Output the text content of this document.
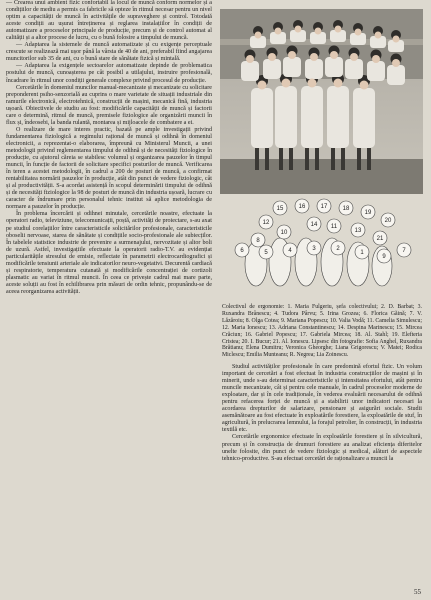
— Crearea unui ambient fizic confortabil la locul de muncă conform normelor și a condițiilor de mediu a permis ca fabricile să opteze în ritmul necesar pentru un nivel optim a capacității de muncă în activitățile de supraveghere și control. Totodată aceste condiții au ușurat întreținerea și reglarea instalațiilor în condiții de automatizare a proceselor principale de producție, precum și de control automat al calității și a altor procese de lucru, cu o bună folosire a timpului de muncă.

— Adaptarea la sistemele de muncă automatizate și cu exigențe perceptuale crescute se realizează mai ușor până la vârsta de 40 de ani, preferabil fiind angajarea muncitorilor sub 35 de ani, cu o bună stare de sănătate fizică și mintală.

— Adaptarea la exigențele sectoarelor automatizate depinde de problematica postului de muncă, cunoașterea pe cât posibil a utilajului, instruire profesională, încadrare în ritmul unor condiții generale complexe privind procesul de producție.

Cercetările în domeniul muncilor manual-mecanizate și mecanizate cu solicitare preponderent psiho-senzorială au cuprins o mare varietate de situații industriale din ramurile electronică, electrotehnică, construcții de mașini, mecanică fină, industria ușoară. Obiectivele de studiu au fost: modificările capacității de muncă și factorii care o determină, ritmul de muncă, premisele fiziologice ale organizării muncii în flux și, îndeosebi, la banda rulantă, montarea și mijloacele de combatere a ei.

O realizare de mare interes practic, bazată pe ample investigații privind fundamentarea fiziologică a regimului rațional de muncă și odihnă în domeniul electronicii, a reprezentat-o elaborarea, împreună cu Ministerul Muncii, a unei metodologii privind reglementarea timpului de odihnă și de necesități fiziologice în producție, cu ajutorul căreia se stabilesc volumul și organizarea pauzelor în timpul muncii, în funcție de factorii de solicitare specifici posturilor de muncă. Verificarea în teren a acestei metodologii, în cadrul a 200 de posturi de muncă, a confirmat rentabilitatea normării pauzelor în producție, atât din punct de vedere fiziologic, cât și al productivității. S-a acordat asistență în scopul determinării timpului de odihnă și de necesități fiziologice la 98 de posturi de muncă din industria ușoară, lucrare cu caracter de îndrumare prin personalul tehnic institut să aplice metodologia de normare a pauzelor în producție.

În problema încercării și odihnei minutale, cercetările noastre, efectuate la operatori radio, televiziune, telecomunicații, poștă, activități de proiectare, s-au axat pe studiul corelațiilor între caracteristicile solicitărilor profesionale, caracteristicile oboselii nervoase, starea de sănătate și condițiile socio-profesionale ale subiecților. În tabelele statistice industrie de prevenire a surmenajului, nervozitate și altor boli de uzură. Astfel, investigațiile efectuate la operatorii radio-T.V. au evidențiat particularitățile stresului de emisie, reflectate în parametrii electrocardiografici și modificările tensiunii arteriale ale indicatorilor neuro-vegetativi. Decurentă cardiacă și respiratorie, temperatura cutanată și modificările concentrației de cortizoli plasmatic au variat în ritmul muncii. În ceea ce privește cadrul mai mare parte, aceste soluții au fost în echilibrarea prin măsuri de ordin tehnic, propunându-se de aceea reorganizarea activității.

15	16	17	18
19
20
12	14
8
10
11
13
21
6	5	4	3	2
1
9
7
Colectivul de ergonomie: 1. Maria Fulgeriu, șefa colectivului; 2. D. Barbat; 3. Ruxandra Brânescu; 4. Tudora Pârvu; 5. Irina Grozea; 6. Florica Găină; 7. V. Lăzăroiu; 8. Olga Cotea; 9. Mariana Popescu; 10. Valia Vodă; 11. Camelia Simulescu; 12. Maria Ionescu; 13. Adriana Constantinescu; 14. Despina Marinescu; 15. Mircea Crăciun; 16. Gabriel Popescu; 17. Gabriela Mircea; 18. Al. Stahl; 19. Elefteria Cristea; 20. I. Bucur; 21. Al. Ionescu. Lipsesc din fotografie: Sofia Anghel, Ruxandra Brătianu; Elena Dumitru; Veronica Gheorghe; Liana Grigorescu; V. Matei; Rodica Miclescu; Emilia Munteanu; R. Negrea; Lia Zoinescu.

Studiul activităților profesionale în care predomină efortul fizic. Un volum important de cercetări a fost efectuat în industria construcțiilor de mașini și în minerit, unde s-au determinat caracteristicile și intensitatea efortului, atât pentru muncile mecanizate, cât și pentru cele manuale, în cadrul proceselor moderne de exploatare, dar și în cele tradiționale, în vederea evaluării necesarului de odihnă pentru refacerea forței de muncă și a stabilirii unor indicatori necesari la acordarea drepturilor de salarizare, pensionare și asigurări sociale. Studii asemănătoare au fost efectuate în exploatările forestiere, la exploatările de stuf, în agricultură, în prelucrarea lemnului, la forajul petrolier, în construcții, în industria textilă etc.

Cercetările ergonomice efectuate în exploatările forestiere și în silvicultură, precum și în construcția de drumuri forestiere au analizat eficiența diferitelor unelte folosite, din punct de vedere fiziologic și medical, alături de aspectele tehnico-productive. S-au efectuat cercetări de raționalizare a muncii la

55
